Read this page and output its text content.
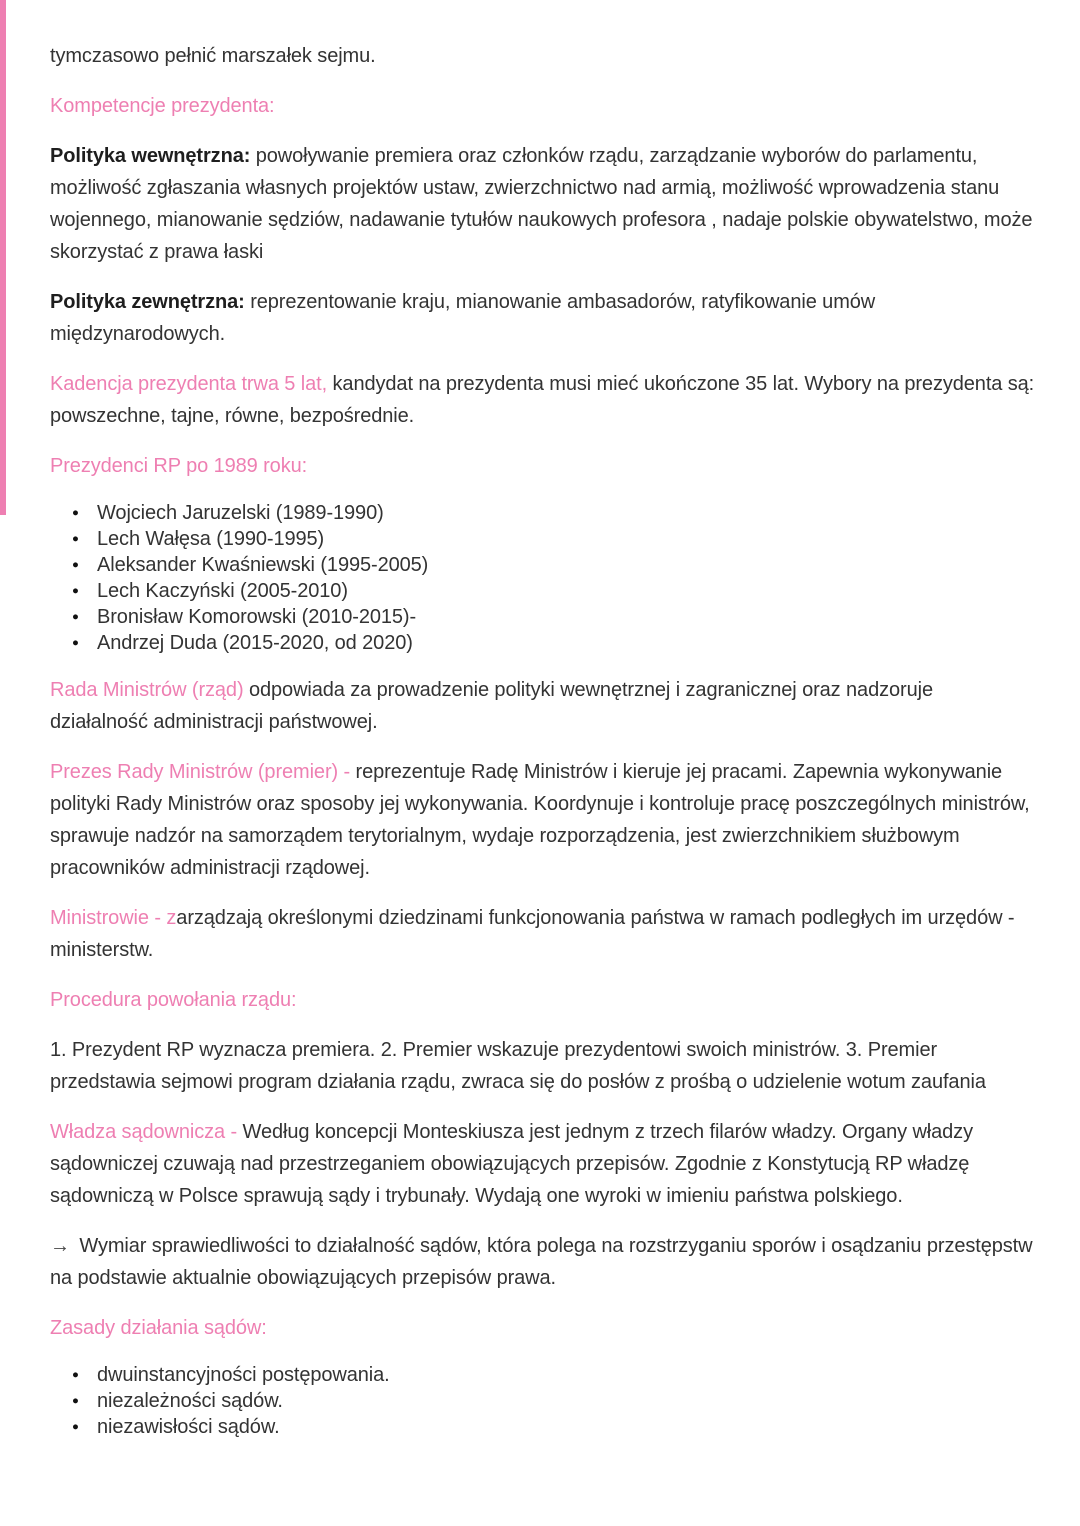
tymczasowo pełnić marszałek sejmu.

Kompetencje prezydenta:

Polityka wewnętrzna: powoływanie premiera oraz członków rządu, zarządzanie wyborów do parlamentu, możliwość zgłaszania własnych projektów ustaw, zwierzchnictwo nad armią, możliwość wprowadzenia stanu wojennego, mianowanie sędziów, nadawanie tytułów naukowych profesora , nadaje polskie obywatelstwo, może skorzystać z prawa łaski

Polityka zewnętrzna: reprezentowanie kraju, mianowanie ambasadorów, ratyfikowanie umów międzynarodowych.

Kadencja prezydenta trwa 5 lat, kandydat na prezydenta musi mieć ukończone 35 lat. Wybory na prezydenta są: powszechne, tajne, równe, bezpośrednie.

Prezydenci RP po 1989 roku:

● Wojciech Jaruzelski (1989-1990)
● Lech Wałęsa (1990-1995)
● Aleksander Kwaśniewski (1995-2005)
● Lech Kaczyński (2005-2010)
● Bronisław Komorowski (2010-2015)-
● Andrzej Duda (2015-2020, od 2020)

Rada Ministrów (rząd) odpowiada za prowadzenie polityki wewnętrznej i zagranicznej oraz nadzoruje działalność administracji państwowej.

Prezes Rady Ministrów (premier) - reprezentuje Radę Ministrów i kieruje jej pracami. Zapewnia wykonywanie polityki Rady Ministrów oraz sposoby jej wykonywania. Koordynuje i kontroluje pracę poszczególnych ministrów, sprawuje nadzór na samorządem terytorialnym, wydaje rozporządzenia, jest zwierzchnikiem służbowym pracowników administracji rządowej.

Ministrowie - zarządzają określonymi dziedzinami funkcjonowania państwa w ramach podległych im urzędów - ministerstw.

Procedura powołania rządu:

1. Prezydent RP wyznacza premiera. 2. Premier wskazuje prezydentowi swoich ministrów. 3. Premier przedstawia sejmowi program działania rządu, zwraca się do posłów z prośbą o udzielenie wotum zaufania

Władza sądownicza - Według koncepcji Monteskiusza jest jednym z trzech filarów władzy. Organy władzy sądowniczej czuwają nad przestrzeganiem obowiązujących przepisów. Zgodnie z Konstytucją RP władzę sądowniczą w Polsce sprawują sądy i trybunały. Wydają one wyroki w imieniu państwa polskiego.

→ Wymiar sprawiedliwości to działalność sądów, która polega na rozstrzyganiu sporów i osądzaniu przestępstw na podstawie aktualnie obowiązujących przepisów prawa.

Zasady działania sądów:

● dwuinstancyjności postępowania.
● niezależności sądów.
● niezawisłości sądów.
